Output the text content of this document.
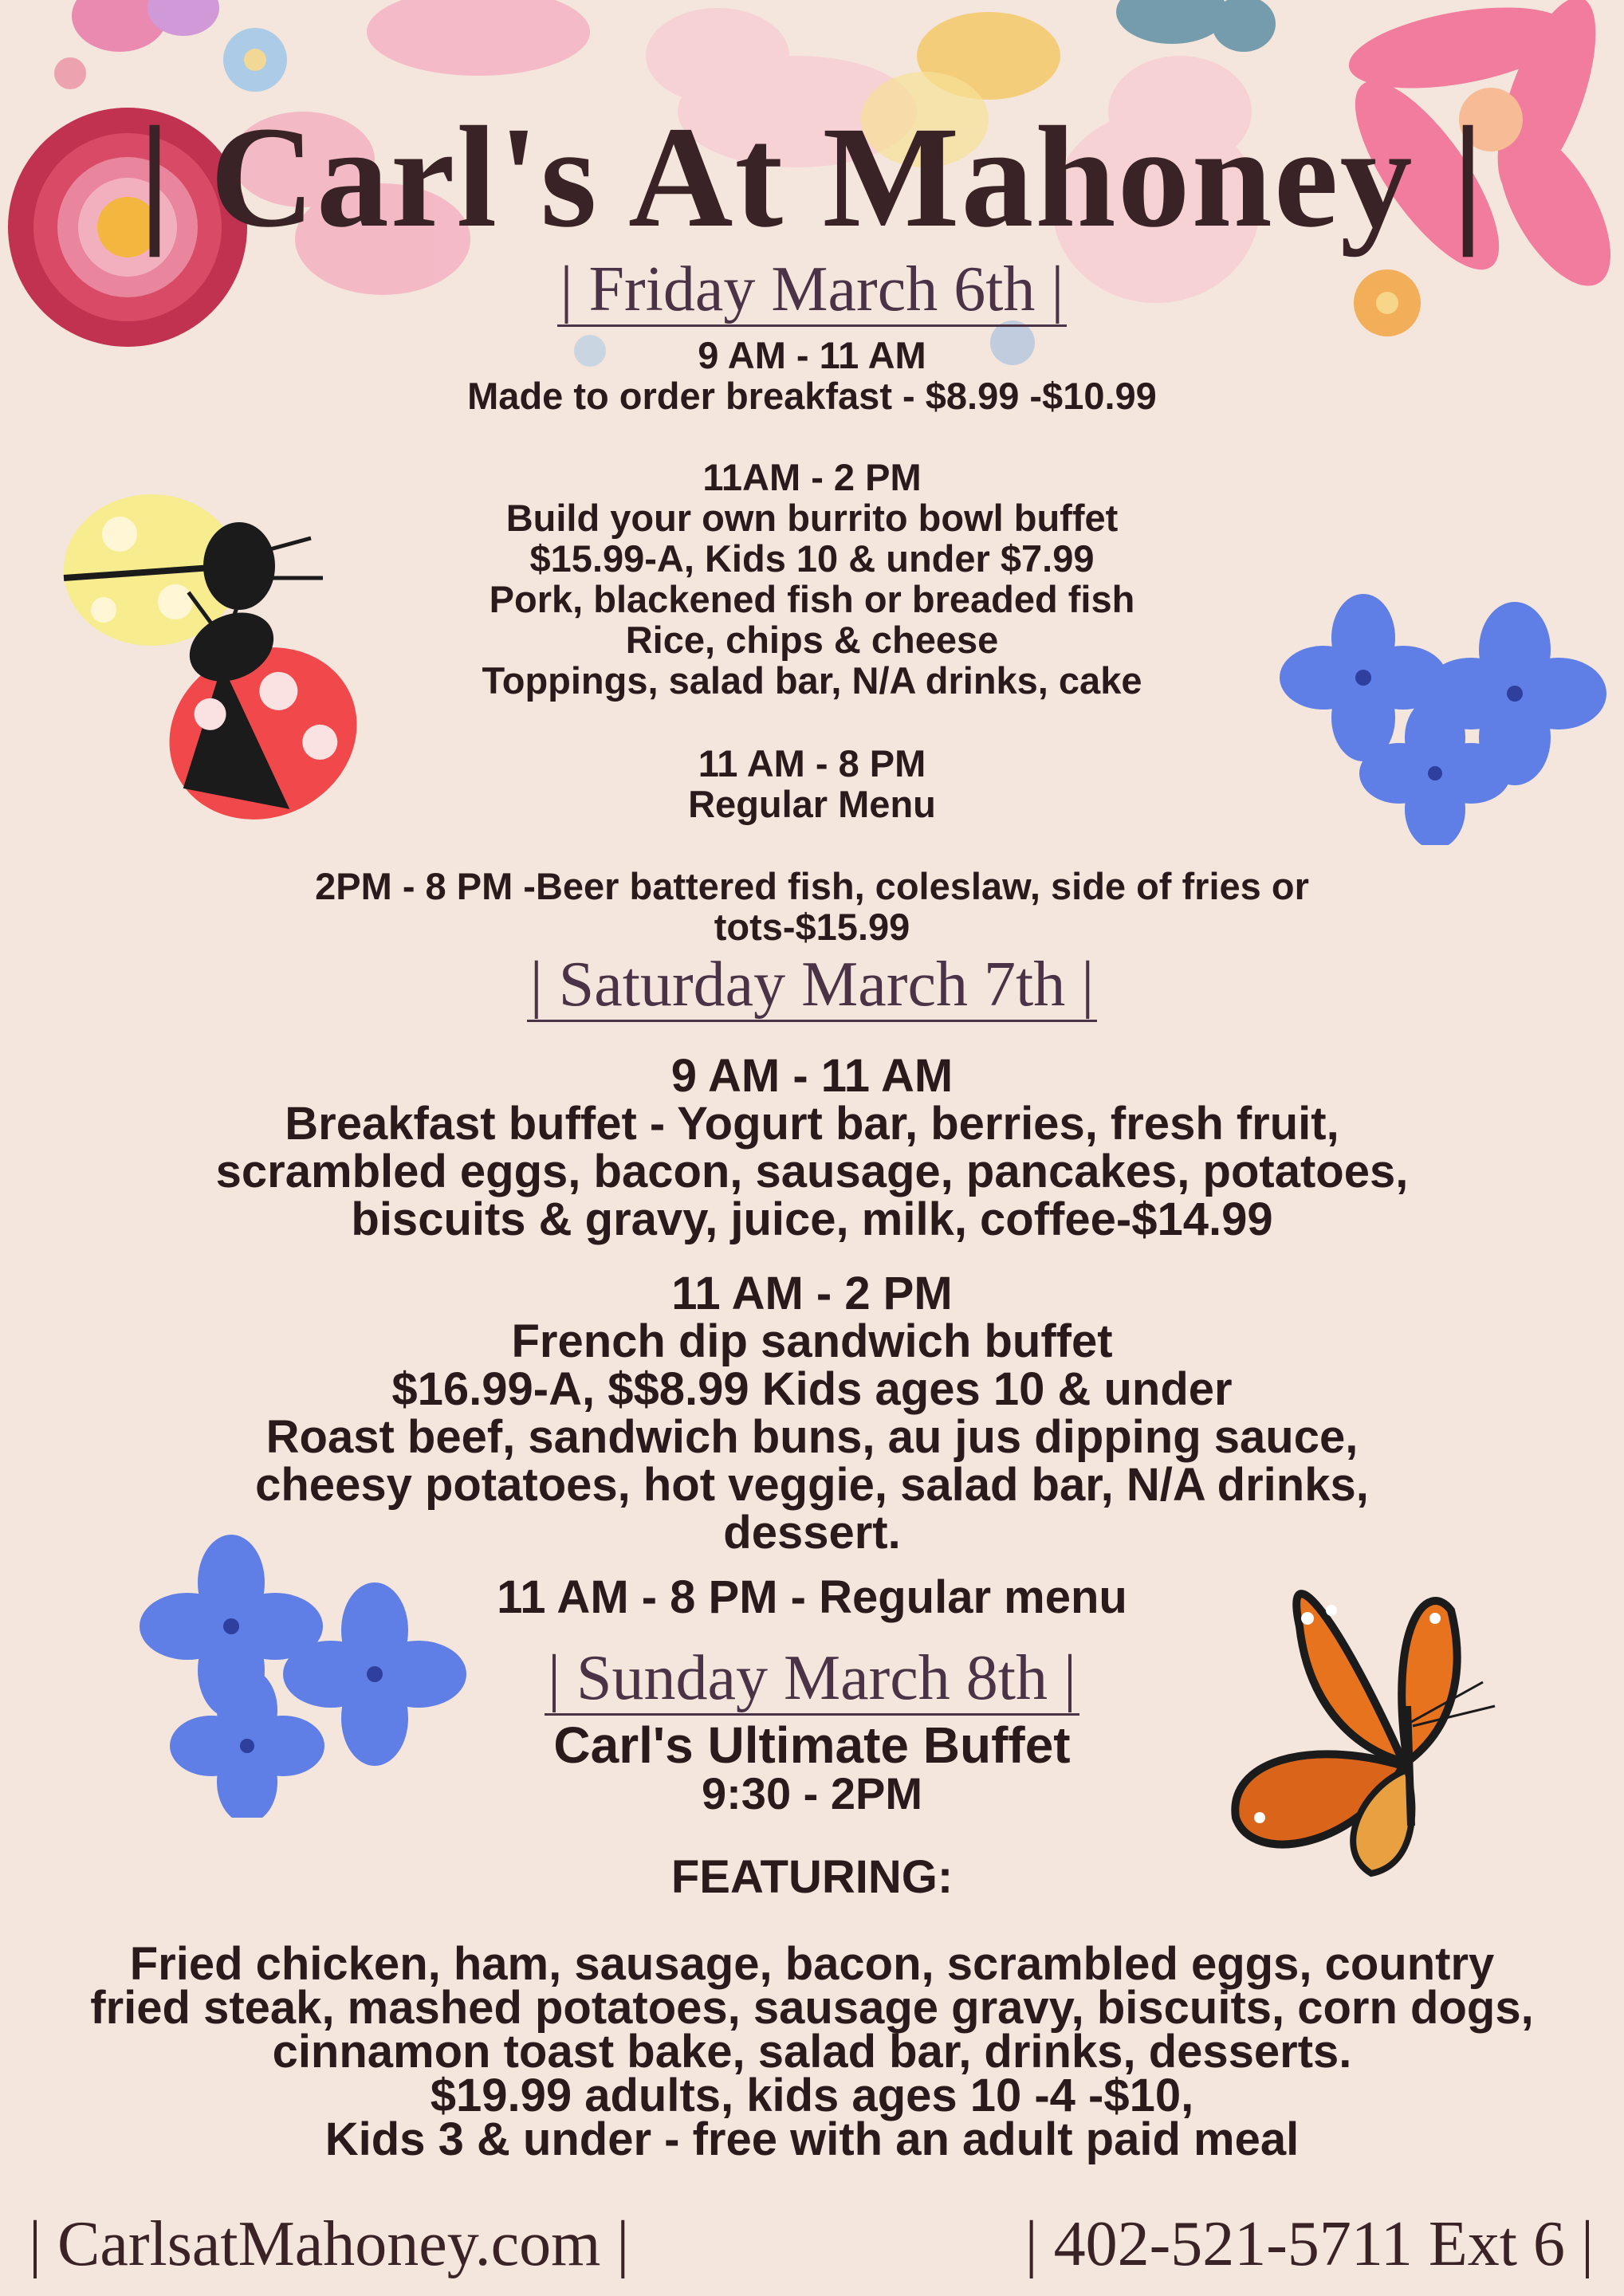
| Carl's At Mahoney |
| Friday March 6th |
9 AM - 11 AM
Made to order breakfast - $8.99 -$10.99
11AM - 2 PM
Build your own burrito bowl buffet
$15.99-A, Kids 10 & under $7.99
Pork, blackened fish or breaded fish
Rice, chips & cheese
Toppings, salad bar, N/A drinks, cake
11 AM - 8 PM
Regular Menu
2PM - 8 PM -Beer battered fish, coleslaw, side of fries or
tots-$15.99
| Saturday March 7th |
9 AM - 11 AM
Breakfast buffet - Yogurt bar, berries, fresh fruit,
scrambled eggs, bacon, sausage, pancakes, potatoes,
biscuits & gravy, juice, milk, coffee-$14.99
11 AM - 2 PM
French dip sandwich buffet
$16.99-A, $$8.99 Kids ages 10 & under
Roast beef, sandwich buns, au jus dipping sauce,
cheesy potatoes, hot veggie, salad bar, N/A drinks,
dessert.
11 AM - 8 PM - Regular menu
| Sunday March 8th |
Carl's Ultimate Buffet
9:30 - 2PM
FEATURING:
Fried chicken, ham, sausage, bacon, scrambled eggs, country
fried steak, mashed potatoes, sausage gravy, biscuits, corn dogs,
cinnamon toast bake, salad bar, drinks, desserts.
$19.99 adults, kids ages 10 -4 -$10,
Kids 3 & under - free with an adult paid meal
| CarlsatMahoney.com |	| 402-521-5711 Ext 6 |
